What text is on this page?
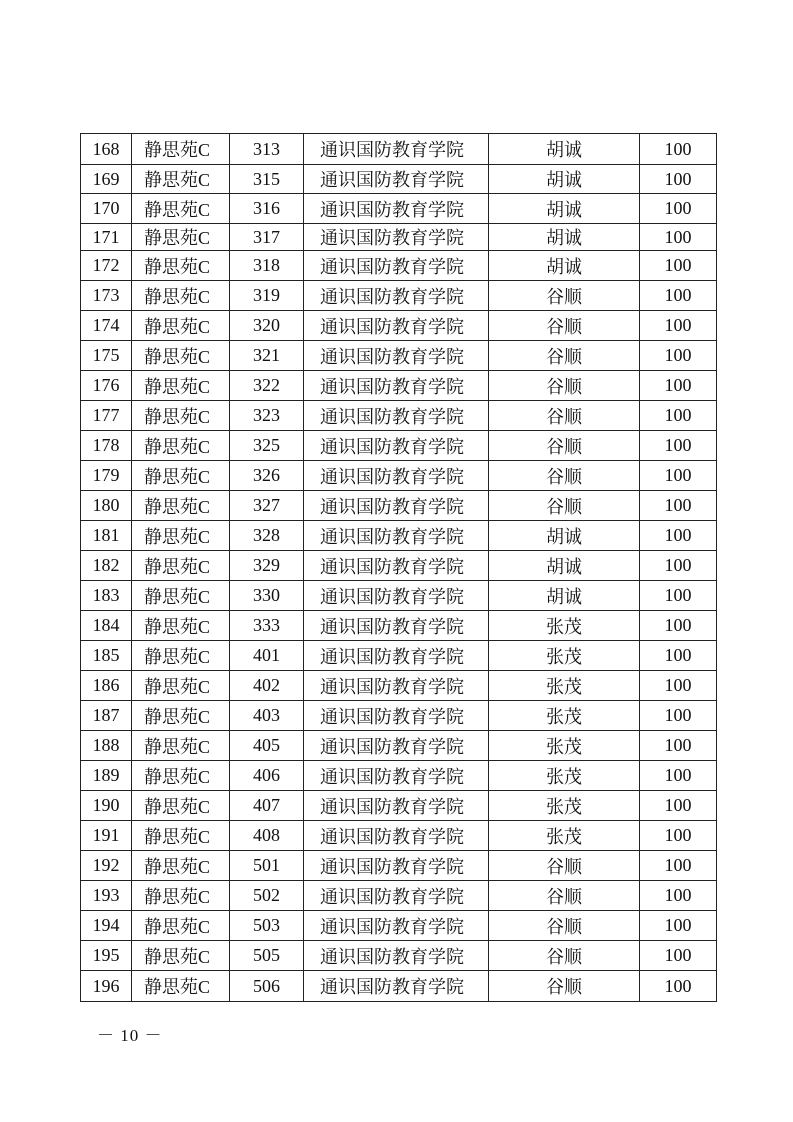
168	静思苑C	313	通识国防教育学院	胡诚	100
169	静思苑C	315	通识国防教育学院	胡诚	100
170	静思苑C	316	通识国防教育学院	胡诚	100
171	静思苑C	317	通识国防教育学院	胡诚	100
172	静思苑C	318	通识国防教育学院	胡诚	100
173	静思苑C	319	通识国防教育学院	谷顺	100
174	静思苑C	320	通识国防教育学院	谷顺	100
175	静思苑C	321	通识国防教育学院	谷顺	100
176	静思苑C	322	通识国防教育学院	谷顺	100
177	静思苑C	323	通识国防教育学院	谷顺	100
178	静思苑C	325	通识国防教育学院	谷顺	100
179	静思苑C	326	通识国防教育学院	谷顺	100
180	静思苑C	327	通识国防教育学院	谷顺	100
181	静思苑C	328	通识国防教育学院	胡诚	100
182	静思苑C	329	通识国防教育学院	胡诚	100
183	静思苑C	330	通识国防教育学院	胡诚	100
184	静思苑C	333	通识国防教育学院	张茂	100
185	静思苑C	401	通识国防教育学院	张茂	100
186	静思苑C	402	通识国防教育学院	张茂	100
187	静思苑C	403	通识国防教育学院	张茂	100
188	静思苑C	405	通识国防教育学院	张茂	100
189	静思苑C	406	通识国防教育学院	张茂	100
190	静思苑C	407	通识国防教育学院	张茂	100
191	静思苑C	408	通识国防教育学院	张茂	100
192	静思苑C	501	通识国防教育学院	谷顺	100
193	静思苑C	502	通识国防教育学院	谷顺	100
194	静思苑C	503	通识国防教育学院	谷顺	100
195	静思苑C	505	通识国防教育学院	谷顺	100
196	静思苑C	506	通识国防教育学院	谷顺	100
－ 10 －
